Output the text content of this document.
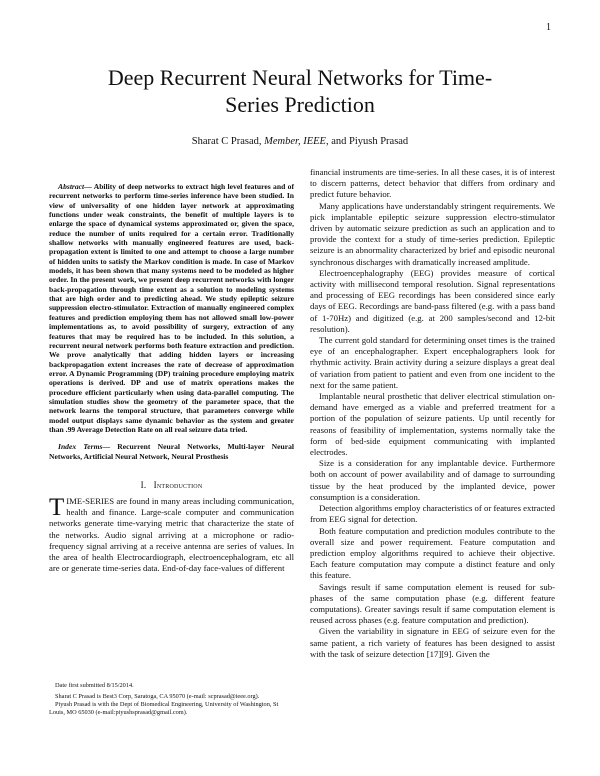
1
Deep Recurrent Neural Networks for Time-Series Prediction
Sharat C Prasad, Member, IEEE, and Piyush Prasad

Abstract— Ability of deep networks to extract high level features and of recurrent networks to perform time-series inference have been studied. In view of universality of one hidden layer network at approximating functions under weak constraints, the benefit of multiple layers is to enlarge the space of dynamical systems approximated or, given the space, reduce the number of units required for a certain error. Traditionally shallow networks with manually engineered features are used, back-propagation extent is limited to one and attempt to choose a large number of hidden units to satisfy the Markov condition is made. In case of Markov models, it has been shown that many systems need to be modeled as higher order. In the present work, we present deep recurrent networks with longer back-propagation through time extent as a solution to modeling systems that are high order and to predicting ahead. We study epileptic seizure suppression electro-stimulator. Extraction of manually engineered complex features and prediction employing them has not allowed small low-power implementations as, to avoid possibility of surgery, extraction of any features that may be required has to be included. In this solution, a recurrent neural network performs both feature extraction and prediction. We prove analytically that adding hidden layers or increasing backpropagation extent increases the rate of decrease of approximation error. A Dynamic Programming (DP) training procedure employing matrix operations is derived. DP and use of matrix operations makes the procedure efficient particularly when using data-parallel computing. The simulation studies show the geometry of the parameter space, that the network learns the temporal structure, that parameters converge while model output displays same dynamic behavior as the system and greater than .99 Average Detection Rate on all real seizure data tried.

Index Terms— Recurrent Neural Networks, Multi-layer Neural Networks, Artificial Neural Network, Neural Prosthesis

I. Introduction

TIME-SERIES are found in many areas including communication, health and finance. Large-scale computer and communication networks generate time-varying metric that characterize the state of the networks. Audio signal arriving at a microphone or radio-frequency signal arriving at a receive antenna are series of values. In the area of health Electrocardiograph, electroencephalogram, etc all are or generate time-series data. End-of-day face-values of different

Date first submitted 8/15/2014.

Sharat C Prasad is Best3 Corp, Saratoga, CA 95070 (e-mail: scprasad@ieee.org).

Piyush Prasad is with the Dept of Biomedical Engineering, University of Washington, St Louis, MO 65030 (e-mail:piyushsprasad@gmail.com).

financial instruments are time-series. In all these cases, it is of interest to discern patterns, detect behavior that differs from ordinary and predict future behavior.

Many applications have understandably stringent requirements. We pick implantable epileptic seizure suppression electro-stimulator driven by automatic seizure prediction as such an application and to provide the context for a study of time-series prediction. Epileptic seizure is an abnormality characterized by brief and episodic neuronal synchronous discharges with dramatically increased amplitude.

Electroencephalography (EEG) provides measure of cortical activity with millisecond temporal resolution. Signal representations and processing of EEG recordings has been considered since early days of EEG. Recordings are band-pass filtered (e.g. with a pass band of 1-70Hz) and digitized (e.g. at 200 samples/second and 12-bit resolution).

The current gold standard for determining onset times is the trained eye of an encephalographer. Expert encephalographers look for rhythmic activity. Brain activity during a seizure displays a great deal of variation from patient to patient and even from one incident to the next for the same patient.

Implantable neural prosthetic that deliver electrical stimulation on-demand have emerged as a viable and preferred treatment for a portion of the population of seizure patients. Up until recently for reasons of feasibility of implementation, systems normally take the form of bed-side equipment communicating with implanted electrodes.

Size is a consideration for any implantable device. Furthermore both on account of power availability and of damage to surrounding tissue by the heat produced by the implanted device, power consumption is a consideration.

Detection algorithms employ characteristics of or features extracted from EEG signal for detection.

Both feature computation and prediction modules contribute to the overall size and power requirement. Feature computation and prediction employ algorithms required to achieve their objective. Each feature computation may compute a distinct feature and only this feature.

Savings result if same computation element is reused for sub-phases of the same computation phase (e.g. different feature computations). Greater savings result if same computation element is reused across phases (e.g. feature computation and prediction).

Given the variability in signature in EEG of seizure even for the same patient, a rich variety of features has been designed to assist with the task of seizure detection [17][9]. Given the
